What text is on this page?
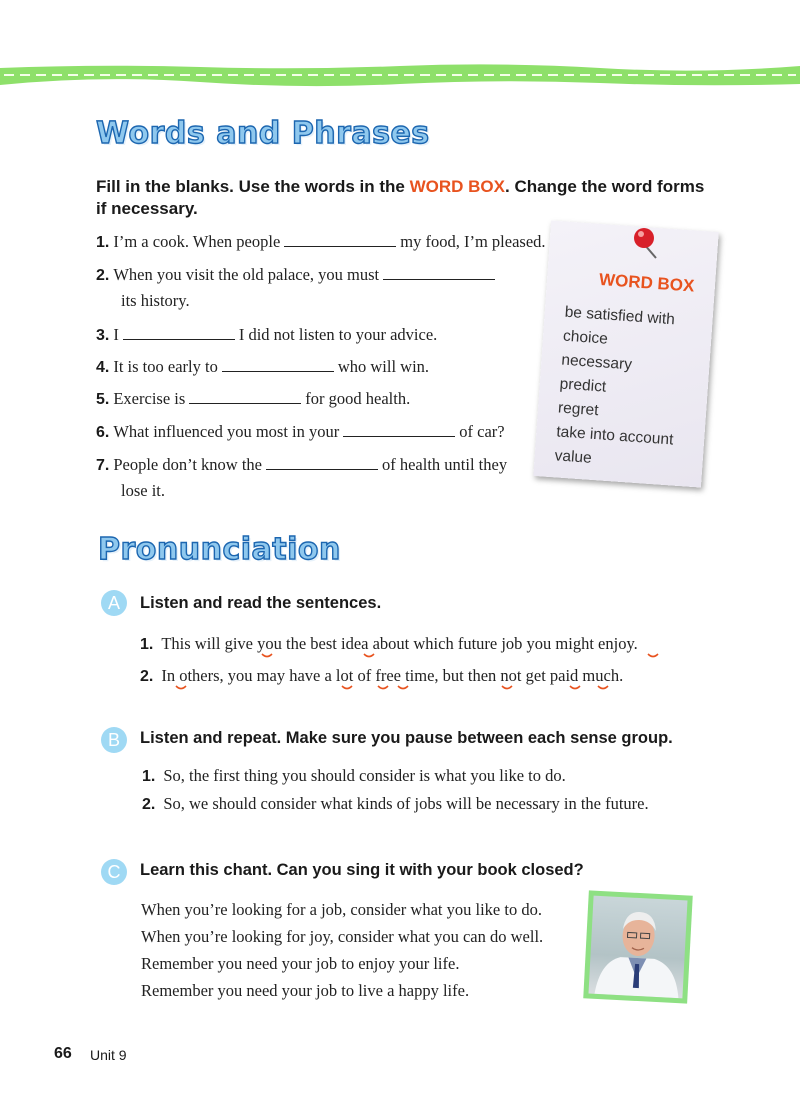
Words and Phrases
Fill in the blanks. Use the words in the WORD BOX. Change the word forms
if necessary.
1. I’m a cook. When people	my food, I’m pleased.
2. When you visit the old palace, you must
its history.
3. I	I did not listen to your advice.
4. It is too early to	who will win.
5. Exercise is	for good health.
6. What influenced you most in your	of car?
7. People don’t know the	of health until they
lose it.
WORD BOX
be satisfied with
choice
necessary
predict
regret
take into account
value
Pronunciation
A	Listen and read the sentences.
1. This will give you the best idea about which future job you might enjoy.
2. In others, you may have a lot of free time, but then not get paid much.
B	Listen and repeat. Make sure you pause between each sense group.
1. So, the first thing you should consider is what you like to do.
2. So, we should consider what kinds of jobs will be necessary in the future.
C	Learn this chant. Can you sing it with your book closed?
When you’re looking for a job, consider what you like to do.
When you’re looking for joy, consider what you can do well.
Remember you need your job to enjoy your life.
Remember you need your job to live a happy life.
66 Unit 9
